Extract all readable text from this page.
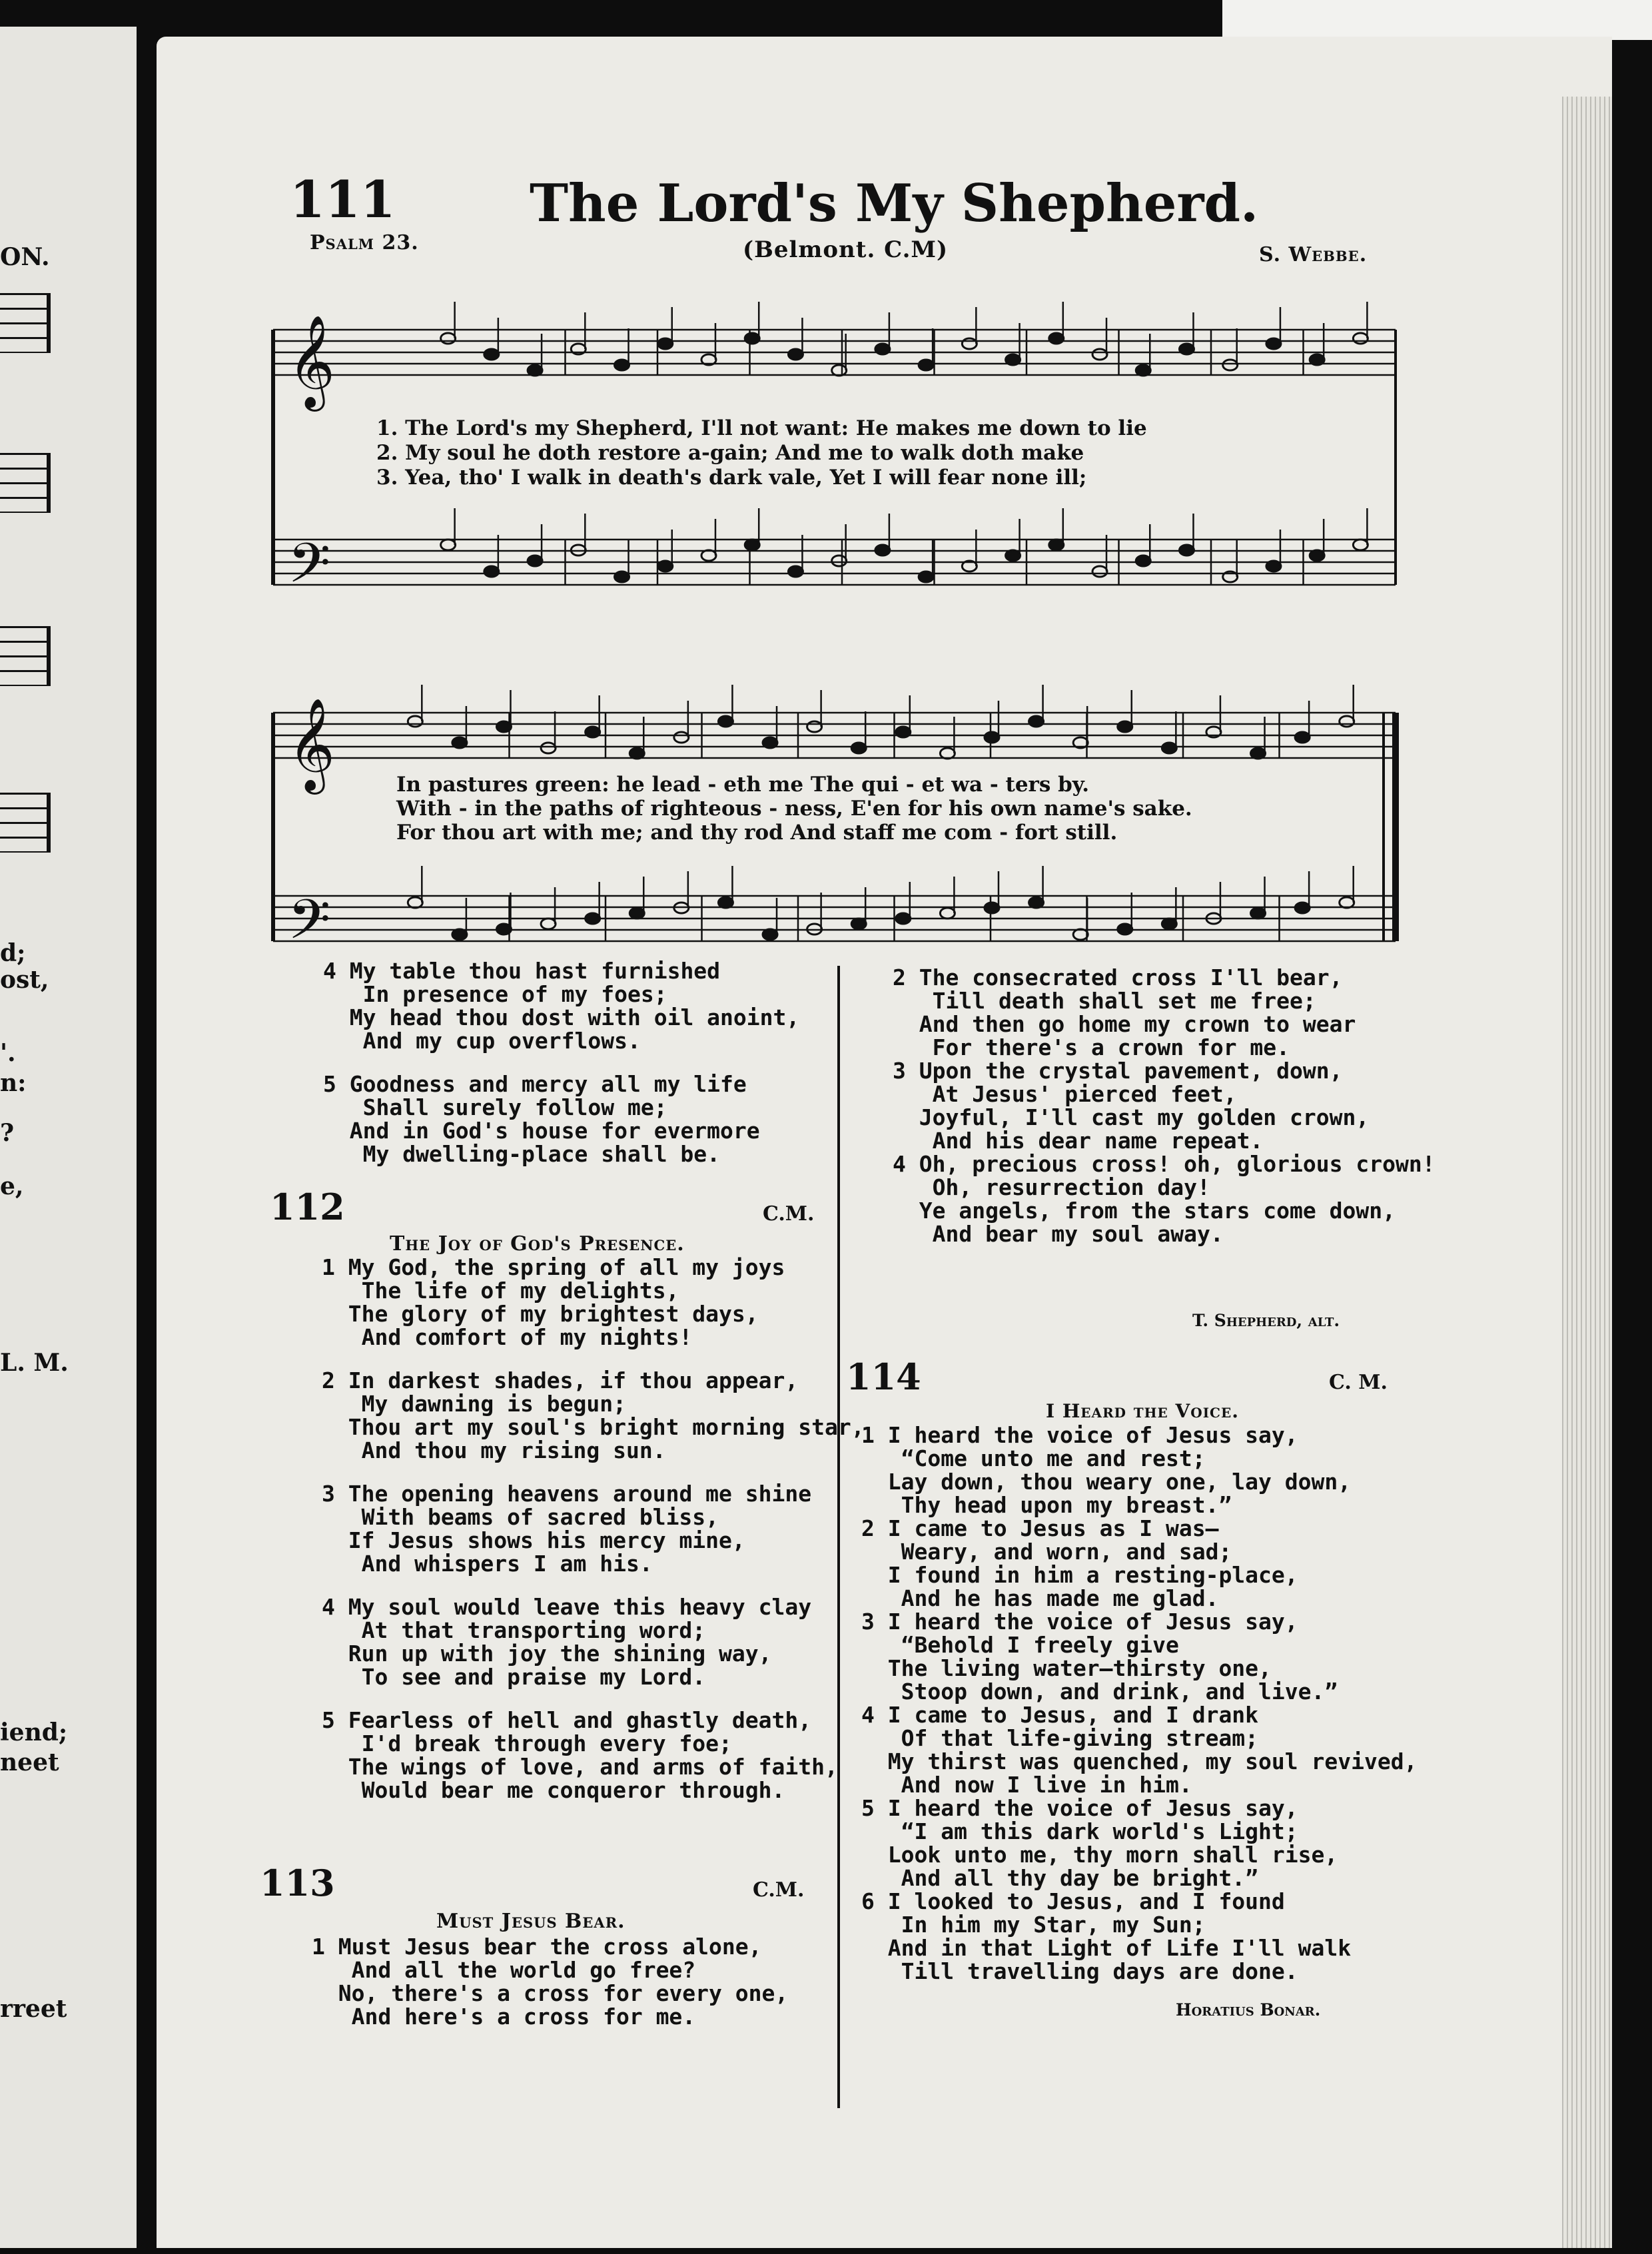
ON.
d;
ost,
'.
n:
?
e,
L. M.
iend;
neet
rreet
111	The Lord's My Shepherd.
Psalm 23.	(Belmont. C.M)	S. Webbe.
𝄞
𝄢
𝄞
𝄢
1. The Lord's my Shepherd, I'll not want: He makes me down to lie
2. My soul he doth restore a-gain; And me to walk doth make
3. Yea, tho' I walk in death's dark vale, Yet I will fear none ill;
In pastures green: he lead - eth me The qui - et wa - ters by.
With - in the paths of righteous - ness, E'en for his own name's sake.
For thou art with me; and thy rod And staff me com - fort still.
4 My table thou hast furnished
In presence of my foes;
My head thou dost with oil anoint,
And my cup overflows.
5 Goodness and mercy all my life
Shall surely follow me;
And in God's house for evermore
My dwelling-place shall be.
112	C.M.
The Joy of God's Presence.
1 My God, the spring of all my joys
The life of my delights,
The glory of my brightest days,
And comfort of my nights!
2 In darkest shades, if thou appear,
My dawning is begun;
Thou art my soul's bright morning star,
And thou my rising sun.
3 The opening heavens around me shine
With beams of sacred bliss,
If Jesus shows his mercy mine,
And whispers I am his.
4 My soul would leave this heavy clay
At that transporting word;
Run up with joy the shining way,
To see and praise my Lord.
5 Fearless of hell and ghastly death,
I'd break through every foe;
The wings of love, and arms of faith,
Would bear me conqueror through.
113	C.M.
Must Jesus Bear.
1 Must Jesus bear the cross alone,
And all the world go free?
No, there's a cross for every one,
And here's a cross for me.
2 The consecrated cross I'll bear,
Till death shall set me free;
And then go home my crown to wear
For there's a crown for me.
3 Upon the crystal pavement, down,
At Jesus' pierced feet,
Joyful, I'll cast my golden crown,
And his dear name repeat.
4 Oh, precious cross! oh, glorious crown!
Oh, resurrection day!
Ye angels, from the stars come down,
And bear my soul away.
T. Shepherd, alt.
114	C. M.
I Heard the Voice.
1 I heard the voice of Jesus say,
“Come unto me and rest;
Lay down, thou weary one, lay down,
Thy head upon my breast.”
2 I came to Jesus as I was—
Weary, and worn, and sad;
I found in him a resting-place,
And he has made me glad.
3 I heard the voice of Jesus say,
“Behold I freely give
The living water—thirsty one,
Stoop down, and drink, and live.”
4 I came to Jesus, and I drank
Of that life-giving stream;
My thirst was quenched, my soul revived,
And now I live in him.
5 I heard the voice of Jesus say,
“I am this dark world's Light;
Look unto me, thy morn shall rise,
And all thy day be bright.”
6 I looked to Jesus, and I found
In him my Star, my Sun;
And in that Light of Life I'll walk
Till travelling days are done.
Horatius Bonar.
